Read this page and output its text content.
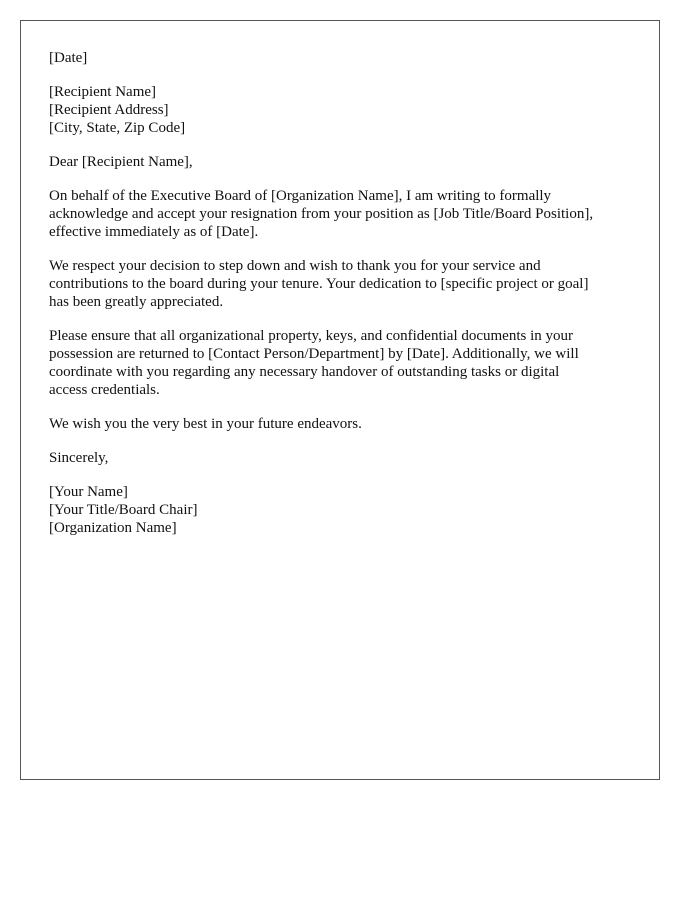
[Date]

[Recipient Name]
[Recipient Address]
[City, State, Zip Code]

Dear [Recipient Name],

On behalf of the Executive Board of [Organization Name], I am writing to formally
acknowledge and accept your resignation from your position as [Job Title/Board Position],
effective immediately as of [Date].

We respect your decision to step down and wish to thank you for your service and
contributions to the board during your tenure. Your dedication to [specific project or goal]
has been greatly appreciated.

Please ensure that all organizational property, keys, and confidential documents in your
possession are returned to [Contact Person/Department] by [Date]. Additionally, we will
coordinate with you regarding any necessary handover of outstanding tasks or digital
access credentials.

We wish you the very best in your future endeavors.

Sincerely,

[Your Name]
[Your Title/Board Chair]
[Organization Name]
